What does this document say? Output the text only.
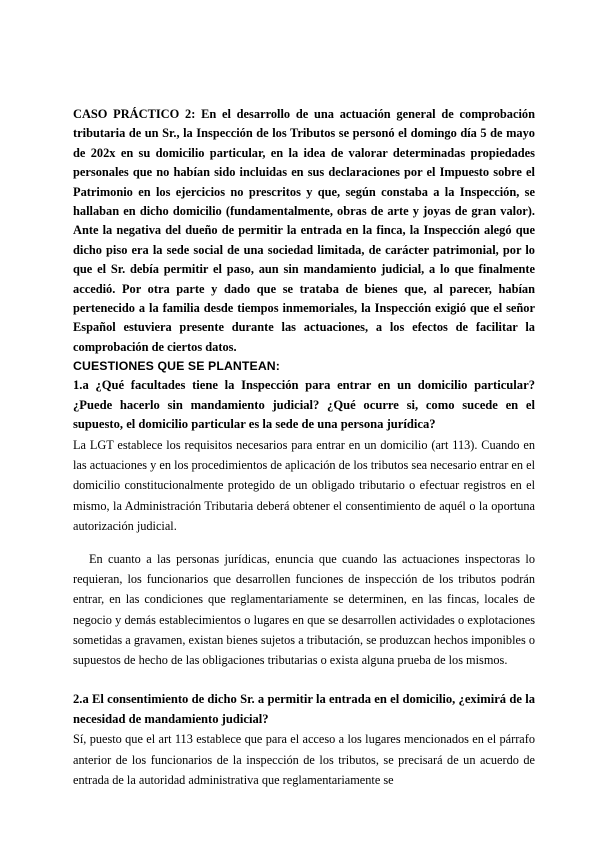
CASO PRÁCTICO 2: En el desarrollo de una actuación general de comprobación tributaria de un Sr., la Inspección de los Tributos se personó el domingo día 5 de mayo de 202x en su domicilio particular, en la idea de valorar determinadas propiedades personales que no habían sido incluidas en sus declaraciones por el Impuesto sobre el Patrimonio en los ejercicios no prescritos y que, según constaba a la Inspección, se hallaban en dicho domicilio (fundamentalmente, obras de arte y joyas de gran valor). Ante la negativa del dueño de permitir la entrada en la finca, la Inspección alegó que dicho piso era la sede social de una sociedad limitada, de carácter patrimonial, por lo que el Sr. debía permitir el paso, aun sin mandamiento judicial, a lo que finalmente accedió. Por otra parte y dado que se trataba de bienes que, al parecer, habían pertenecido a la familia desde tiempos inmemoriales, la Inspección exigió que el señor Español estuviera presente durante las actuaciones, a los efectos de facilitar la comprobación de ciertos datos.

CUESTIONES QUE SE PLANTEAN:

1.a ¿Qué facultades tiene la Inspección para entrar en un domicilio particular? ¿Puede hacerlo sin mandamiento judicial? ¿Qué ocurre si, como sucede en el supuesto, el domicilio particular es la sede de una persona jurídica?

La LGT establece los requisitos necesarios para entrar en un domicilio (art 113). Cuando en las actuaciones y en los procedimientos de aplicación de los tributos sea necesario entrar en el domicilio constitucionalmente protegido de un obligado tributario o efectuar registros en el mismo, la Administración Tributaria deberá obtener el consentimiento de aquél o la oportuna autorización judicial.

En cuanto a las personas jurídicas, enuncia que cuando las actuaciones inspectoras lo requieran, los funcionarios que desarrollen funciones de inspección de los tributos podrán entrar, en las condiciones que reglamentariamente se determinen, en las fincas, locales de negocio y demás establecimientos o lugares en que se desarrollen actividades o explotaciones sometidas a gravamen, existan bienes sujetos a tributación, se produzcan hechos imponibles o supuestos de hecho de las obligaciones tributarias o exista alguna prueba de los mismos.

2.a El consentimiento de dicho Sr. a permitir la entrada en el domicilio, ¿eximirá de la necesidad de mandamiento judicial?

Sí, puesto que el art 113 establece que para el acceso a los lugares mencionados en el párrafo anterior de los funcionarios de la inspección de los tributos, se precisará de un acuerdo de entrada de la autoridad administrativa que reglamentariamente se
